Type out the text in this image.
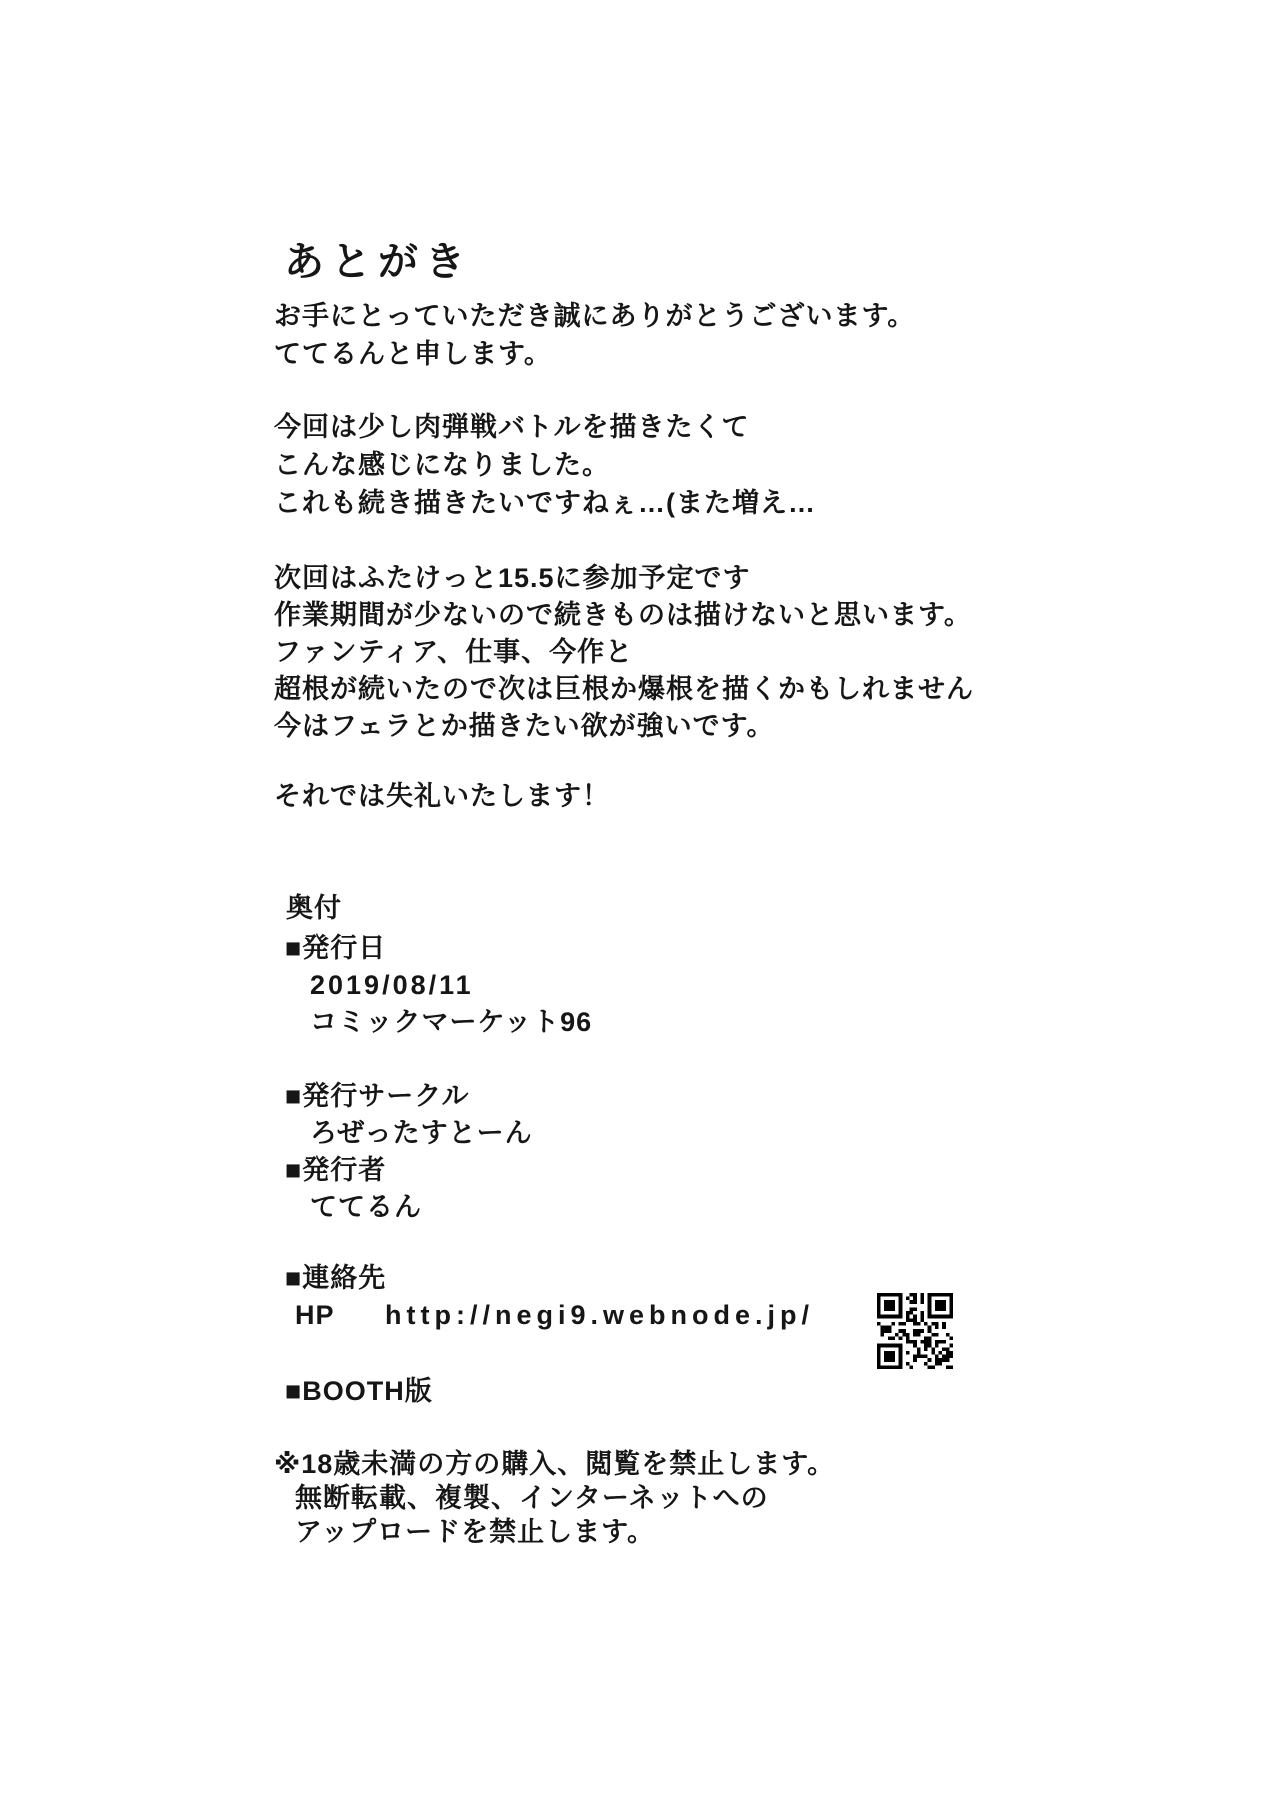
あとがき
お手にとっていただき誠にありがとうございます。
ててるんと申します。
今回は少し肉弾戦バトルを描きたくて
こんな感じになりました。
これも続き描きたいですねぇ…(また増え…
次回はふたけっと15.5に参加予定です
作業期間が少ないので続きものは描けないと思います。
ファンティア、仕事、今作と
超根が続いたので次は巨根か爆根を描くかもしれません
今はフェラとか描きたい欲が強いです。
それでは失礼いたします！
奥付
■発行日
2019/08/11
コミックマーケット96
■発行サークル
ろぜったすとーん
■発行者
ててるん
■連絡先
HP	http://negi9.webnode.jp/
■BOOTH版
※18歳未満の方の購入、閲覧を禁止します。
無断転載、複製、インターネットへの
アップロードを禁止します。
